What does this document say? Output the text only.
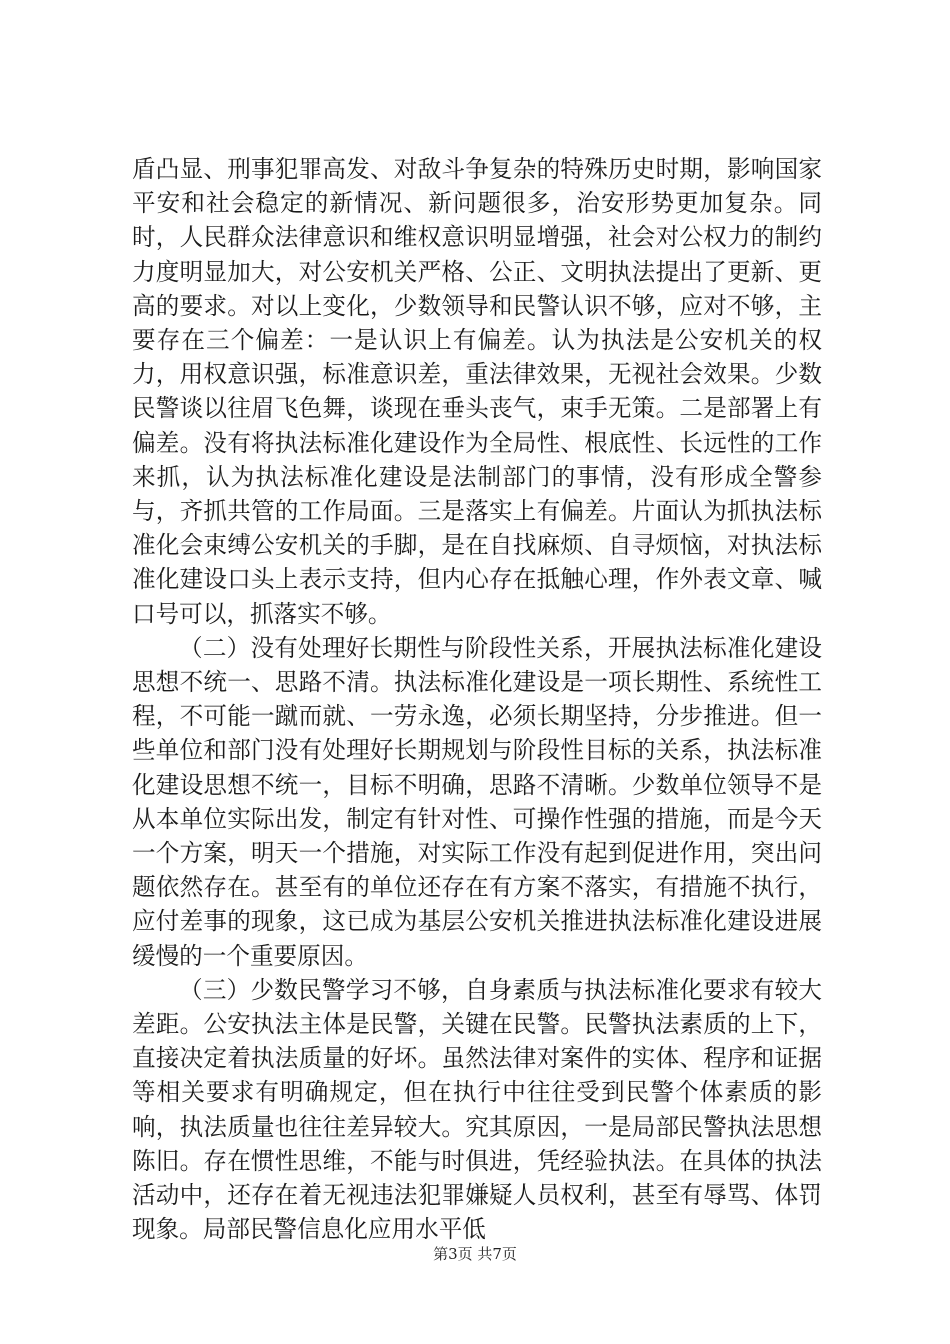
盾凸显、刑事犯罪高发、对敌斗争复杂的特殊历史时期，影响国家平安和社会稳定的新情况、新问题很多，治安形势更加复杂。同时，人民群众法律意识和维权意识明显增强，社会对公权力的制约力度明显加大，对公安机关严格、公正、文明执法提出了更新、更高的要求。对以上变化，少数领导和民警认识不够，应对不够，主要存在三个偏差：一是认识上有偏差。认为执法是公安机关的权力，用权意识强，标准意识差，重法律效果，无视社会效果。少数民警谈以往眉飞色舞，谈现在垂头丧气，束手无策。二是部署上有偏差。没有将执法标准化建设作为全局性、根底性、长远性的工作来抓，认为执法标准化建设是法制部门的事情，没有形成全警参与，齐抓共管的工作局面。三是落实上有偏差。片面认为抓执法标准化会束缚公安机关的手脚，是在自找麻烦、自寻烦恼，对执法标准化建设口头上表示支持，但内心存在抵触心理，作外表文章、喊口号可以，抓落实不够。

（二）没有处理好长期性与阶段性关系，开展执法标准化建设思想不统一、思路不清。执法标准化建设是一项长期性、系统性工程，不可能一蹴而就、一劳永逸，必须长期坚持，分步推进。但一些单位和部门没有处理好长期规划与阶段性目标的关系，执法标准化建设思想不统一，目标不明确，思路不清晰。少数单位领导不是从本单位实际出发，制定有针对性、可操作性强的措施，而是今天一个方案，明天一个措施，对实际工作没有起到促进作用，突出问题依然存在。甚至有的单位还存在有方案不落实，有措施不执行，应付差事的现象，这已成为基层公安机关推进执法标准化建设进展缓慢的一个重要原因。

（三）少数民警学习不够，自身素质与执法标准化要求有较大差距。公安执法主体是民警，关键在民警。民警执法素质的上下，直接决定着执法质量的好坏。虽然法律对案件的实体、程序和证据等相关要求有明确规定，但在执行中往往受到民警个体素质的影响，执法质量也往往差异较大。究其原因，一是局部民警执法思想陈旧。存在惯性思维，不能与时俱进，凭经验执法。在具体的执法活动中，还存在着无视违法犯罪嫌疑人员权利，甚至有辱骂、体罚现象。局部民警信息化应用水平低

第3页 共7页
